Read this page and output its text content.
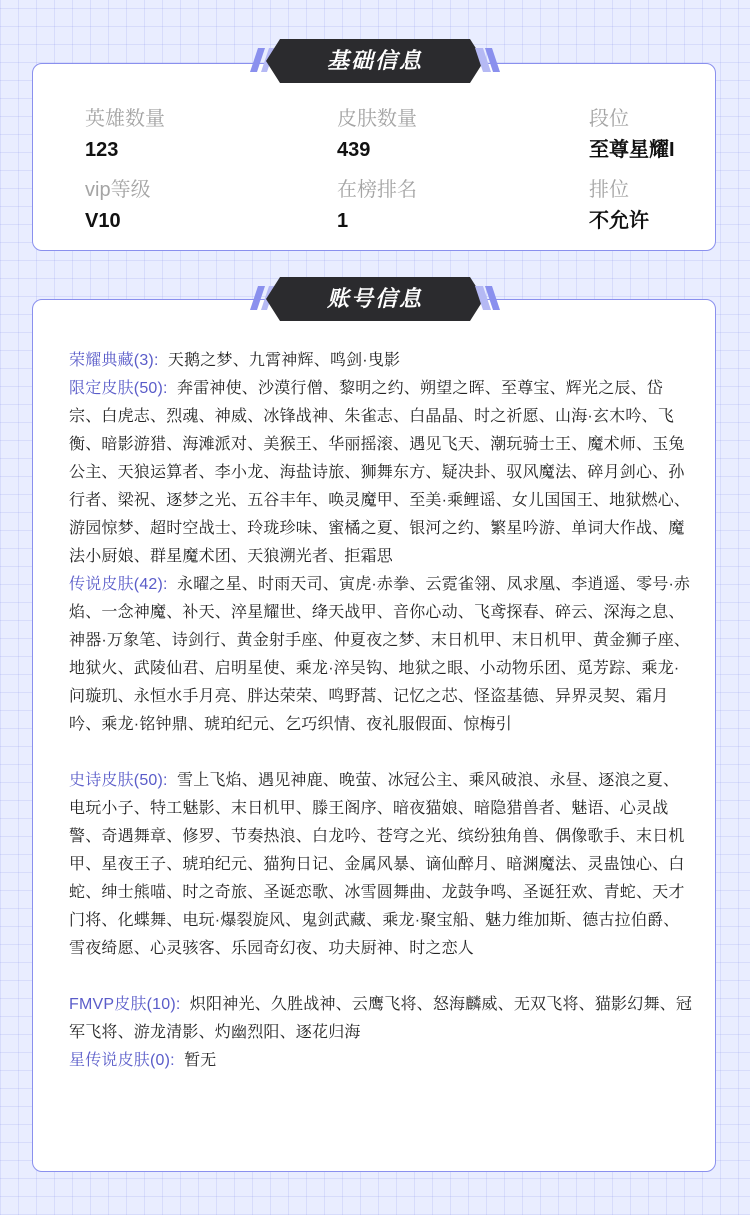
英雄数量
123
皮肤数量
439
段位
至尊星耀I
vip等级
V10
在榜排名
1
排位
不允许
基础信息

荣耀典藏(3): 天鹅之梦、九霄神辉、鸣剑·曳影

限定皮肤(50): 奔雷神使、沙漠行僧、黎明之约、朔望之晖、至尊宝、辉光之辰、岱宗、白虎志、烈魂、神威、冰锋战神、朱雀志、白晶晶、时之祈愿、山海·玄木吟、飞衡、暗影游猎、海滩派对、美猴王、华丽摇滚、遇见飞天、潮玩骑士王、魔术师、玉兔公主、天狼运算者、李小龙、海盐诗旅、狮舞东方、疑决卦、驭风魔法、碎月剑心、孙行者、梁祝、逐梦之光、五谷丰年、唤灵魔甲、至美·乘鲤谣、女儿国国王、地狱燃心、游园惊梦、超时空战士、玲珑珍味、蜜橘之夏、银河之约、繁星吟游、单词大作战、魔法小厨娘、群星魔术团、天狼溯光者、拒霜思

传说皮肤(42): 永曜之星、时雨天司、寅虎·赤拳、云霓雀翎、凤求凰、李逍遥、零号·赤焰、一念神魔、补天、淬星耀世、绛天战甲、音你心动、飞鸢探春、碎云、深海之息、神器·万象笔、诗剑行、黄金射手座、仲夏夜之梦、末日机甲、末日机甲、黄金狮子座、地狱火、武陵仙君、启明星使、乘龙·淬吴钩、地狱之眼、小动物乐团、觅芳踪、乘龙·问璇玑、永恒水手月亮、胖达荣荣、鸣野蒿、记忆之芯、怪盗基德、异界灵契、霜月吟、乘龙·铭钟鼎、琥珀纪元、乞巧织情、夜礼服假面、惊梅引

史诗皮肤(50): 雪上飞焰、遇见神鹿、晚萤、冰冠公主、乘风破浪、永昼、逐浪之夏、电玩小子、特工魅影、末日机甲、滕王阁序、暗夜猫娘、暗隐猎兽者、魅语、心灵战警、奇遇舞章、修罗、节奏热浪、白龙吟、苍穹之光、缤纷独角兽、偶像歌手、末日机甲、星夜王子、琥珀纪元、猫狗日记、金属风暴、谪仙醉月、暗渊魔法、灵蛊蚀心、白蛇、绅士熊喵、时之奇旅、圣诞恋歌、冰雪圆舞曲、龙鼓争鸣、圣诞狂欢、青蛇、天才门将、化蝶舞、电玩·爆裂旋风、鬼剑武藏、乘龙·聚宝船、魅力维加斯、德古拉伯爵、雪夜绮愿、心灵骇客、乐园奇幻夜、功夫厨神、时之恋人

FMVP皮肤(10): 炽阳神光、久胜战神、云鹰飞将、怒海麟威、无双飞将、猫影幻舞、冠军飞将、游龙清影、灼幽烈阳、逐花归海

星传说皮肤(0): 暂无

账号信息
